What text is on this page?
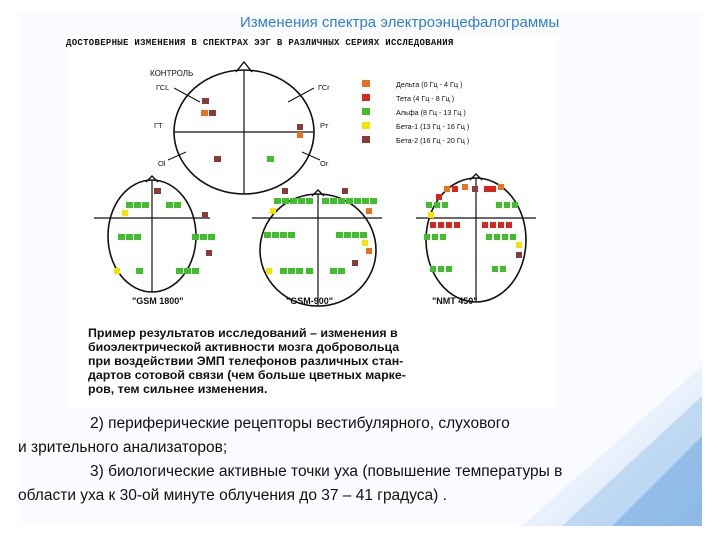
Изменения спектра электроэнцефалограммы
Дельта (0 Гц - 4 Гц )
Тета (4 Гц - 8 Гц )
Альфа (8 Гц - 13 Гц )
Бета-1 (13 Гц - 16 Гц )
Бета-2 (16 Гц - 20 Гц )
КОНТРОЛЬ
ГСL	ГСr
ГТ	Рт
Ol	Or
"GSM 1800"	"GSM-900"	"NMT 450"
ДОСТОВЕРНЫЕ ИЗМЕНЕНИЯ В СПЕКТРАХ ЭЭГ В РАЗЛИЧНЫХ СЕРИЯХ ИССЛЕДОВАНИЯ
Пример результатов исследований – изменения в
биоэлектрической активности мозга добровольца
при воздействии ЭМП телефонов различных стан-
дартов сотовой связи (чем больше цветных марке-
ров, тем сильнее изменения.
2) периферические рецепторы вестибулярного, слухового
и зрительного анализаторов;
3) биологические активные точки уха (повышение температуры в
области уха к 30-ой минуте облучения до 37 – 41 градуса) .
